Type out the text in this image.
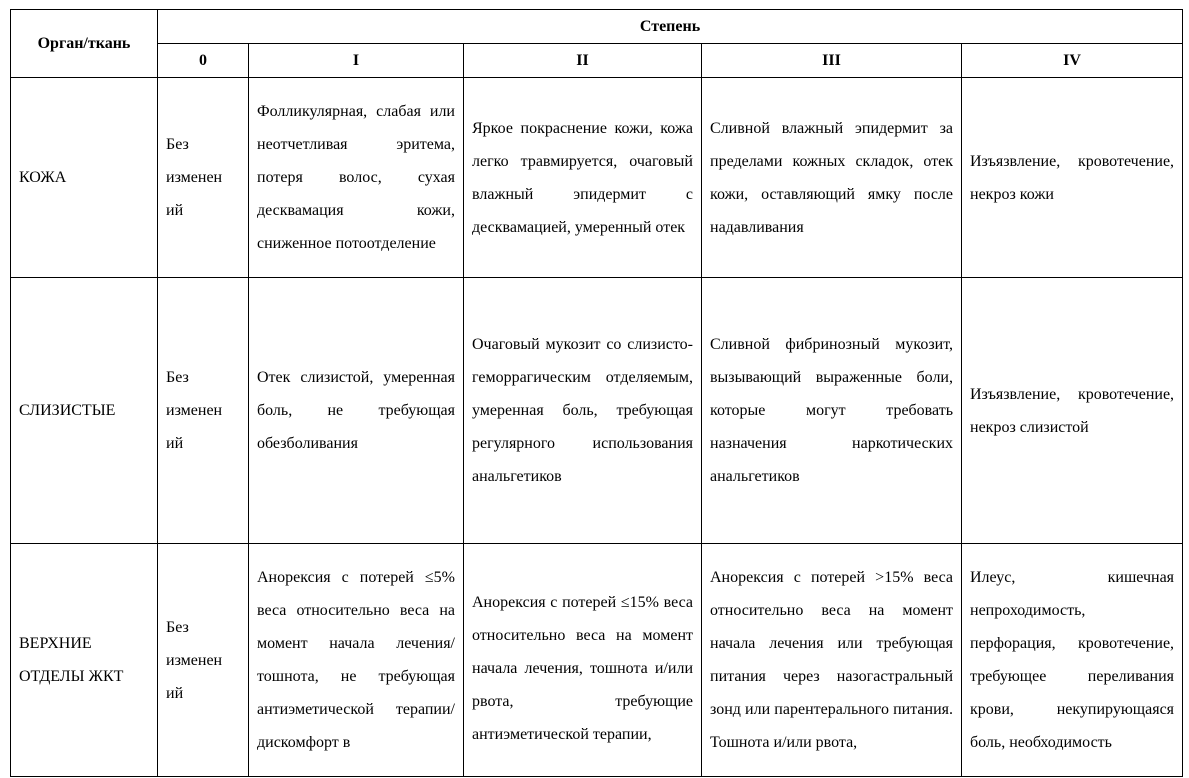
Орган/ткань	Степень				
	0	I	II	III	IV
КОЖА	Без изменен ий	Фолликулярная, слабая или неотчетливая эритема, потеря волос, сухая десквамация кожи, сниженное потоотделение	Яркое покраснение кожи, кожа легко травмируется, очаговый влажный эпидермит с десквамацией, умеренный отек	Сливной влажный эпидермит за пределами кожных складок, отек кожи, оставляющий ямку после надавливания	Изъязвление, кровотечение, некроз кожи
СЛИЗИСТЫЕ	Без изменен ий	Отек слизистой, умеренная боль, не требующая обезболивания	Очаговый мукозит со слизисто-геморрагическим отделяемым, умеренная боль, требующая регулярного использования анальгетиков	Сливной фибринозный мукозит, вызывающий выраженные боли, которые могут требовать назначения наркотических анальгетиков	Изъязвление, кровотечение, некроз слизистой
ВЕРХНИЕ ОТДЕЛЫ ЖКТ	Без изменен ий	Анорексия с потерей ≤5% веса относительно веса на момент начала лечения/тошнота, не требующая антиэметической терапии/дискомфорт в	Анорексия с потерей ≤15% веса относительно веса на момент начала лечения, тошнота и/или рвота, требующие антиэметической терапии,	Анорексия с потерей >15% веса относительно веса на момент начала лечения или требующая питания через назогастральный зонд или парентерального питания. Тошнота и/или рвота,	Илеус, кишечная непроходимость, перфорация, кровотечение, требующее переливания крови, некупирующаяся боль, необходимость
